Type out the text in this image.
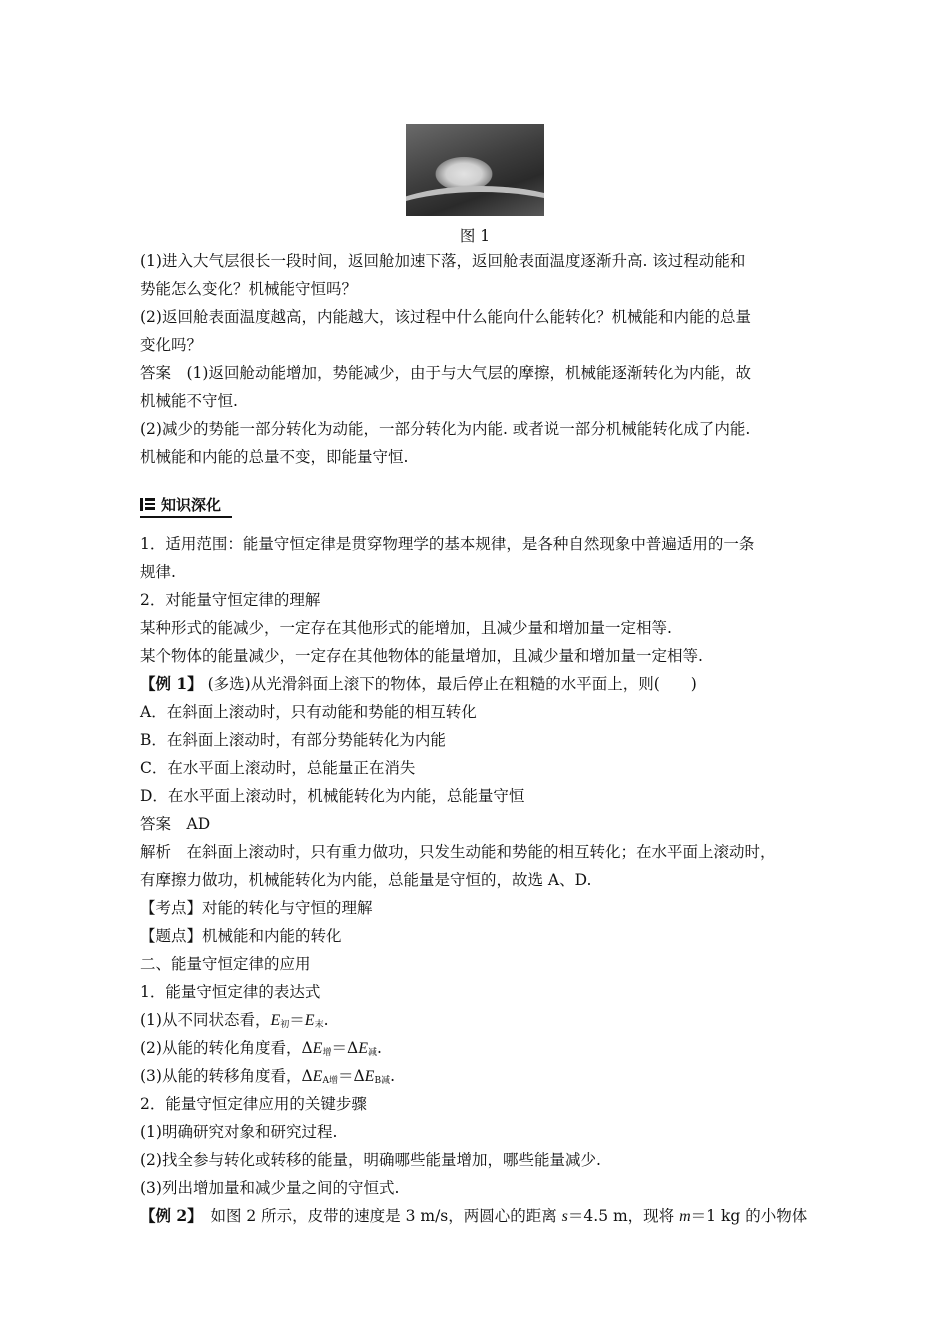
图 1
(1)进入大气层很长一段时间，返回舱加速下落，返回舱表面温度逐渐升高. 该过程动能和
势能怎么变化？机械能守恒吗？
(2)返回舱表面温度越高，内能越大，该过程中什么能向什么能转化？机械能和内能的总量
变化吗？
答案　(1)返回舱动能增加，势能减少，由于与大气层的摩擦，机械能逐渐转化为内能，故
机械能不守恒.
(2)减少的势能一部分转化为动能，一部分转化为内能. 或者说一部分机械能转化成了内能.
机械能和内能的总量不变，即能量守恒.
知识深化
1．适用范围：能量守恒定律是贯穿物理学的基本规律，是各种自然现象中普遍适用的一条
规律.
2．对能量守恒定律的理解
某种形式的能减少，一定存在其他形式的能增加，且减少量和增加量一定相等.
某个物体的能量减少，一定存在其他物体的能量增加，且减少量和增加量一定相等.
【例 1】 (多选)从光滑斜面上滚下的物体，最后停止在粗糙的水平面上，则(　　)
A．在斜面上滚动时，只有动能和势能的相互转化
B．在斜面上滚动时，有部分势能转化为内能
C．在水平面上滚动时，总能量正在消失
D．在水平面上滚动时，机械能转化为内能，总能量守恒
答案　AD
解析　在斜面上滚动时，只有重力做功，只发生动能和势能的相互转化；在水平面上滚动时，
有摩擦力做功，机械能转化为内能，总能量是守恒的，故选 A、D.
【考点】对能的转化与守恒的理解
【题点】机械能和内能的转化
二、能量守恒定律的应用
1．能量守恒定律的表达式
(1)从不同状态看，$E_初=E_末$.
(2)从能的转化角度看，$\Delta E_增=\Delta E_减$.
(3)从能的转移角度看，$\Delta E_{A增}=\Delta E_{B减}$.
2．能量守恒定律应用的关键步骤
(1)明确研究对象和研究过程.
(2)找全参与转化或转移的能量，明确哪些能量增加，哪些能量减少.
(3)列出增加量和减少量之间的守恒式.
【例 2】　如图 2 所示，皮带的速度是 3 m/s，两圆心的距离 s＝4.5 m，现将 m＝1 kg 的小物体
